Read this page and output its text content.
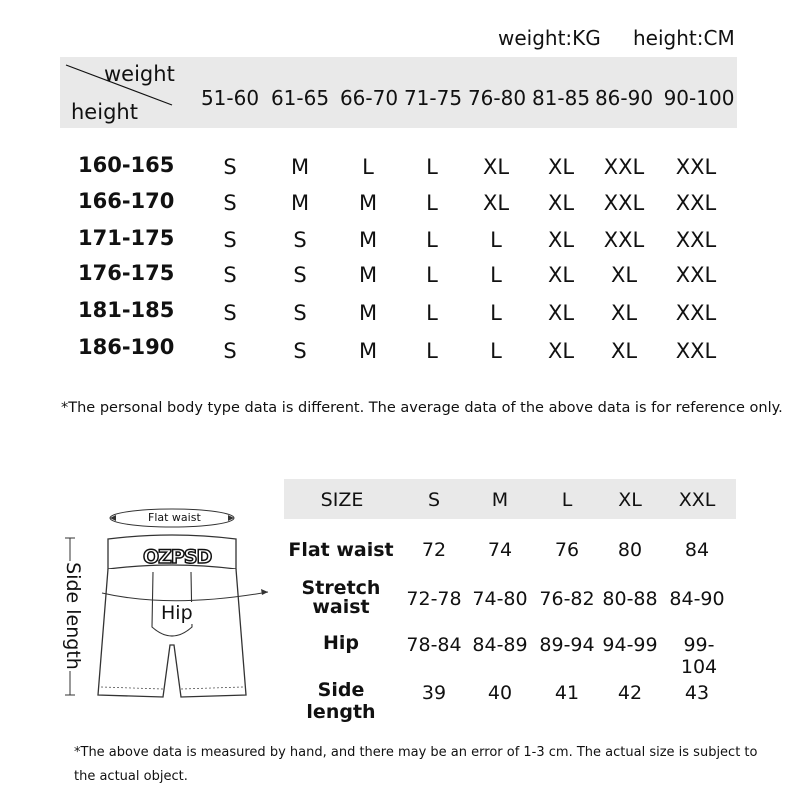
weight:KG height:CM
weight
height
51-60 61-65 66-70 71-75 76-80 81-85 86-90 90-100
160-165	S	M	L	L	XL	XL	XXL	XXL
166-170	S	M	M	L	XL	XL	XXL	XXL
171-175	S	S	M	L	L	XL	XXL	XXL
176-175	S	S	M	L	L	XL	XL	XXL
181-185	S	S	M	L	L	XL	XL	XXL
186-190	S	S	M	L	L	XL	XL	XXL
*The personal body type data is different. The average data of the above data is for reference only.
Flat waist
OZPSD
Hip
Side length
SIZE	S	M	L	XL	XXL
Flat waist	72	74	76	80	84
Stretch
waist	72-78 74-80 76-82 80-88 84-90
Hip	78-84 84-89 89-94 94-99	99-104
Side length
39	40	41	42	43
*The above data is measured by hand, and there may be an error of 1-3 cm. The actual size is subject to
the actual object.
